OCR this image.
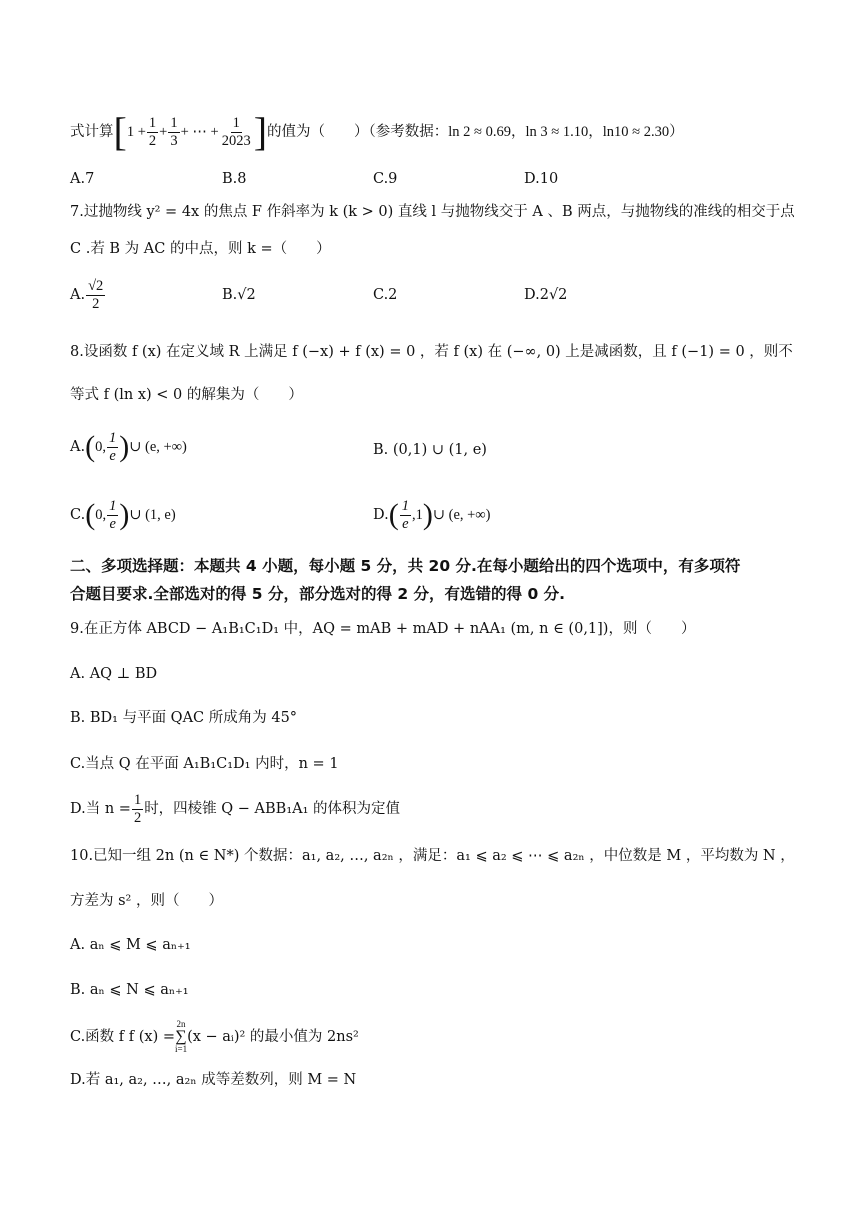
式计算[$1 + \frac{1}{2} + \frac{1}{3}$ + ⋯ + $\frac{1}{2023}$ ]的值为（　　）（参考数据：ln 2 ≈ 0.69，ln 3 ≈ 1.10，ln10 ≈ 2.30）
A.7	B.8	C.9	D.10
7.过抛物线 y² = 4x 的焦点 F 作斜率为 k (k > 0) 直线 l 与抛物线交于 A 、B 两点，与抛物线的准线的相交于点
C .若 B 为 AC 的中点，则 k =（　　）
A. $\frac{√2}{2}$	B.√2	C.2	D.2√2
8.设函数 f (x) 在定义域 R 上满足 f (−x) + f (x) = 0 ，若 f (x) 在 (−∞, 0) 上是减函数，且 f (−1) = 0 ，则不
等式 f (ln x) < 0 的解集为（　　）
A.(0, $\frac{1}{e}$ )∪ (e, +∞)	B. (0,1) ∪ (1, e)
C.(0, $\frac{1}{e}$ )∪ (1, e)	$D.( \frac{1}{e}$ ,1)∪ (e, +∞)
二、多项选择题：本题共 4 小题，每小题 5 分，共 20 分.在每小题给出的四个选项中，有多项符
合题目要求.全部选对的得 5 分，部分选对的得 2 分，有选错的得 0 分.
9.在正方体 ABCD − A₁B₁C₁D₁ 中，AQ = mAB + mAD + nAA₁ (m, n ∈ (0,1])，则（　　）
A. AQ ⊥ BD
B. BD₁ 与平面 QAC 所成角为 45°
C.当点 Q 在平面 A₁B₁C₁D₁ 内时，n = 1
D.当 $n = \frac{1}{2}$ 时，四棱锥 Q − ABB₁A₁ 的体积为定值
10.已知一组 2n (n ∈ N*) 个数据：a₁, a₂, …, a₂ₙ ，满足：a₁ ⩽ a₂ ⩽ ⋯ ⩽ a₂ₙ ，中位数是 M ，平均数为 N ，
方差为 s² ，则（　　）
A. aₙ ⩽ M ⩽ aₙ₊₁
B. aₙ ⩽ N ⩽ aₙ₊₁
C.函数 f f (x) =
2n
∑
i=1
(x − aᵢ)² 的最小值为 2ns²
D.若 a₁, a₂, …, a₂ₙ 成等差数列，则 M = N
